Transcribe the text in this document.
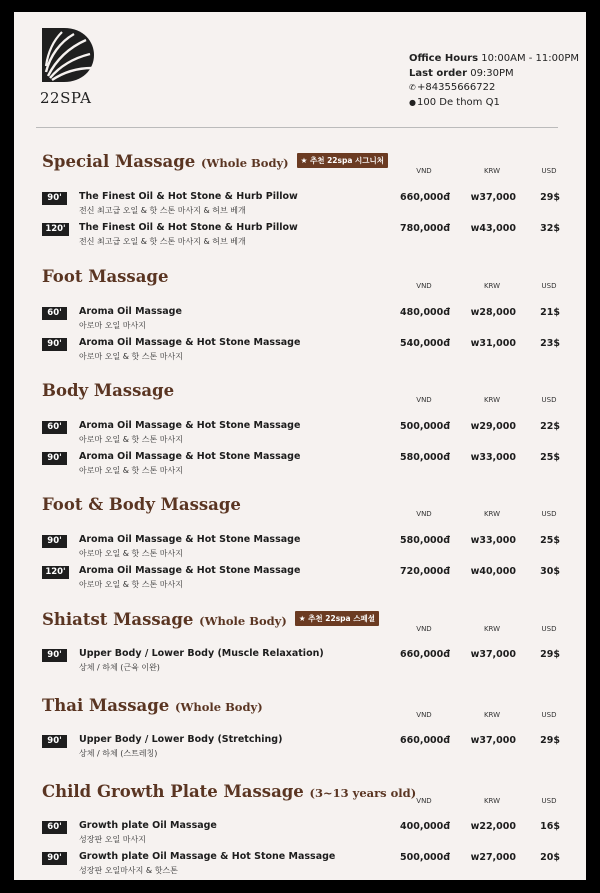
22SPA
Office Hours 10:00AM - 11:00PM
Last order 09:30PM
✆+84355666722
●100 De thom Q1
Special Massage (Whole Body) ★ 추천 22spa 시그니처
VND	KRW	USD
90'	The Finest Oil & Hot Stone & Hurb Pillow
전신 최고급 오일 & 핫 스톤 마사지 & 허브 베개
660,000đ w37,000	29$
120'	The Finest Oil & Hot Stone & Hurb Pillow
전신 최고급 오일 & 핫 스톤 마사지 & 허브 베개
780,000đ w43,000	32$
Foot Massage	VND	KRW	USD
60'	Aroma Oil Massage
아로마 오일 마사지
480,000đ w28,000	21$
90'	Aroma Oil Massage & Hot Stone Massage
아로마 오일 & 핫 스톤 마사지
540,000đ w31,000	23$
Body Massage	VND	KRW	USD
60'	Aroma Oil Massage & Hot Stone Massage
아로마 오일 & 핫 스톤 마사지
500,000đ w29,000	22$
90'	Aroma Oil Massage & Hot Stone Massage
아로마 오일 & 핫 스톤 마사지
580,000đ w33,000	25$
Foot & Body Massage	VND	KRW	USD
90'	Aroma Oil Massage & Hot Stone Massage
아로마 오일 & 핫 스톤 마사지
580,000đ w33,000	25$
120'	Aroma Oil Massage & Hot Stone Massage
아로마 오일 & 핫 스톤 마사지
720,000đ w40,000	30$
Shiatst Massage (Whole Body) ★ 추천 22spa 스페셜
VND	KRW	USD
90'	Upper Body / Lower Body (Muscle Relaxation)
상체 / 하체 (근육 이완)
660,000đ w37,000	29$
Thai Massage (Whole Body)
VND	KRW	USD
90'	Upper Body / Lower Body (Stretching)
상체 / 하체 (스트레칭)
660,000đ w37,000	29$
Child Growth Plate Massage (3~13 years old)
VND	KRW	USD
60'	Growth plate Oil Massage
성장판 오일 마사지
400,000đ w22,000	16$
90'	Growth plate Oil Massage & Hot Stone Massage
성장판 오일마사지 & 핫스톤
500,000đ w27,000	20$
